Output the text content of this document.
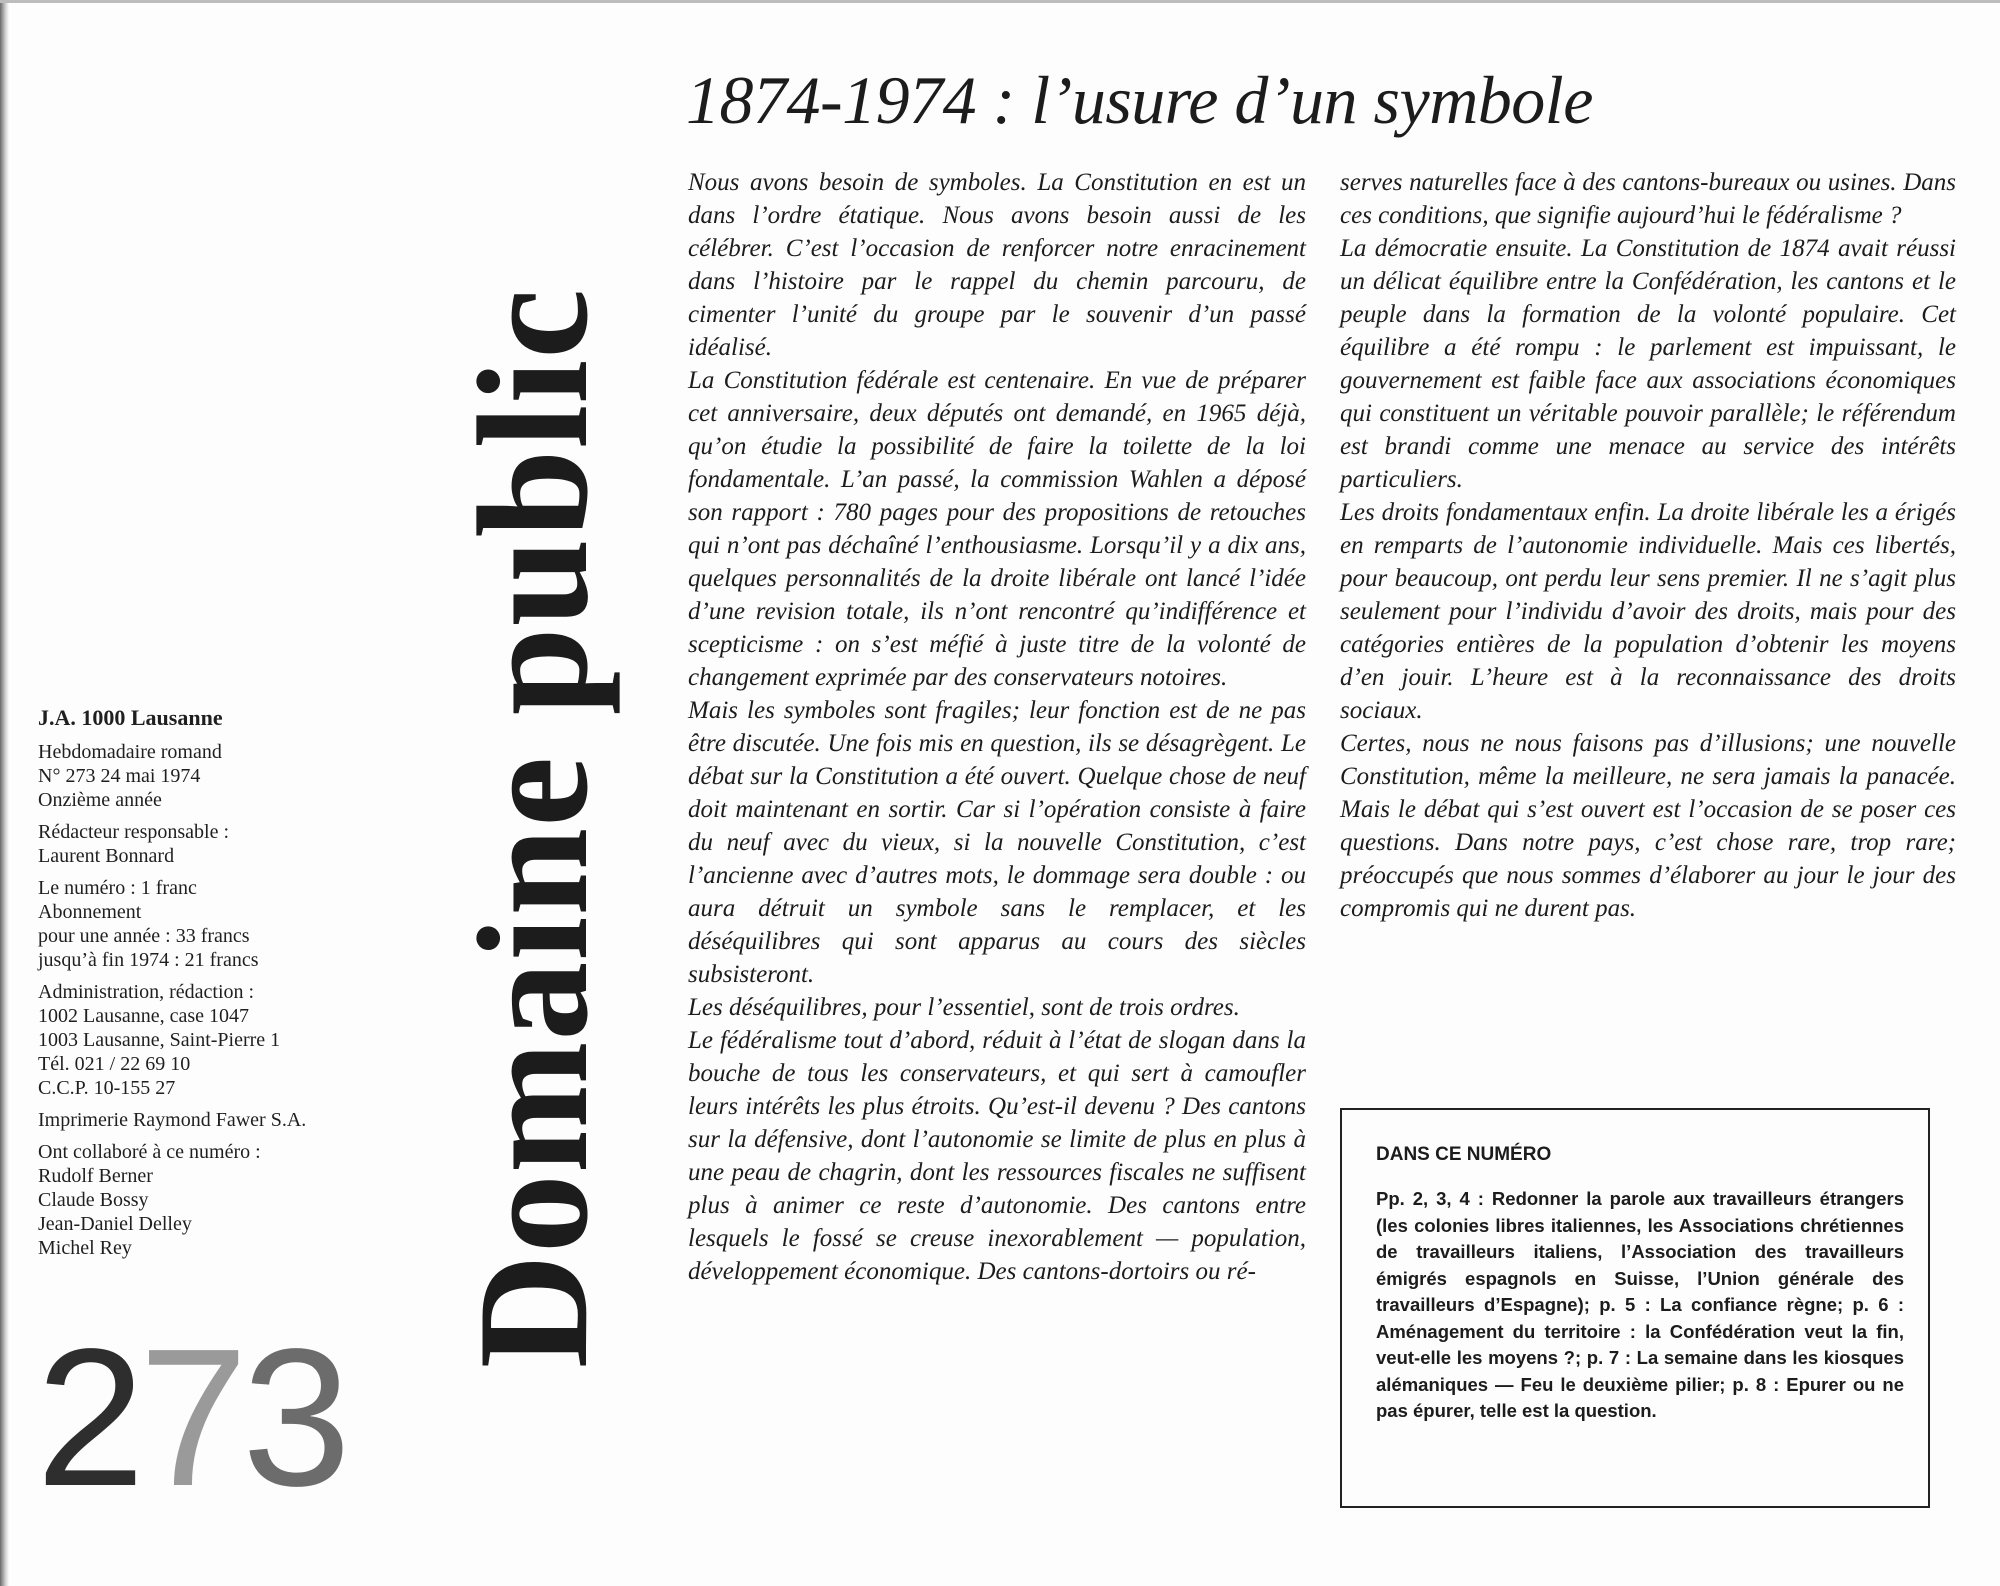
1874-1974 : l’usure d’un symbole
Domaine public
J.A. 1000 Lausanne
Hebdomadaire romand
N° 273 24 mai 1974
Onzième année
Rédacteur responsable :
Laurent Bonnard
Le numéro : 1 franc
Abonnement
pour une année : 33 francs
jusqu’à fin 1974 : 21 francs
Administration, rédaction :
1002 Lausanne, case 1047
1003 Lausanne, Saint-Pierre 1
Tél. 021 / 22 69 10
C.C.P. 10-155 27
Imprimerie Raymond Fawer S.A.
Ont collaboré à ce numéro :
Rudolf Berner
Claude Bossy
Jean-Daniel Delley
Michel Rey
273

Nous avons besoin de symboles. La Constitution en est un dans l’ordre étatique. Nous avons besoin aussi de les célébrer. C’est l’occasion de renforcer notre enracinement dans l’histoire par le rappel du chemin parcouru, de cimenter l’unité du groupe par le souvenir d’un passé idéalisé.

La Constitution fédérale est centenaire. En vue de préparer cet anniversaire, deux députés ont demandé, en 1965 déjà, qu’on étudie la possibilité de faire la toilette de la loi fondamentale. L’an passé, la commission Wahlen a déposé son rapport : 780 pages pour des propositions de retouches qui n’ont pas déchaîné l’enthousiasme. Lorsqu’il y a dix ans, quelques personnalités de la droite libérale ont lancé l’idée d’une revision totale, ils n’ont rencontré qu’indifférence et scepticisme : on s’est méfié à juste titre de la volonté de changement exprimée par des conservateurs notoires.

Mais les symboles sont fragiles; leur fonction est de ne pas être discutée. Une fois mis en question, ils se désagrègent. Le débat sur la Constitution a été ouvert. Quelque chose de neuf doit maintenant en sortir. Car si l’opération consiste à faire du neuf avec du vieux, si la nouvelle Constitution, c’est l’ancienne avec d’autres mots, le dommage sera double : ou aura détruit un symbole sans le remplacer, et les déséquilibres qui sont apparus au cours des siècles subsisteront.

Les déséquilibres, pour l’essentiel, sont de trois ordres.

Le fédéralisme tout d’abord, réduit à l’état de slogan dans la bouche de tous les conservateurs, et qui sert à camoufler leurs intérêts les plus étroits. Qu’est-il devenu ? Des cantons sur la défensive, dont l’autonomie se limite de plus en plus à une peau de chagrin, dont les ressources fiscales ne suffisent plus à animer ce reste d’autonomie. Des cantons entre lesquels le fossé se creuse inexorablement — population, développement économique. Des cantons-dortoirs ou ré-

serves naturelles face à des cantons-bureaux ou usines. Dans ces conditions, que signifie aujourd’hui le fédéralisme ?

La démocratie ensuite. La Constitution de 1874 avait réussi un délicat équilibre entre la Confédération, les cantons et le peuple dans la formation de la volonté populaire. Cet équilibre a été rompu : le parlement est impuissant, le gouvernement est faible face aux associations économiques qui constituent un véritable pouvoir parallèle; le référendum est brandi comme une menace au service des intérêts particuliers.

Les droits fondamentaux enfin. La droite libérale les a érigés en remparts de l’autonomie individuelle. Mais ces libertés, pour beaucoup, ont perdu leur sens premier. Il ne s’agit plus seulement pour l’individu d’avoir des droits, mais pour des catégories entières de la population d’obtenir les moyens d’en jouir. L’heure est à la reconnaissance des droits sociaux.

Certes, nous ne nous faisons pas d’illusions; une nouvelle Constitution, même la meilleure, ne sera jamais la panacée. Mais le débat qui s’est ouvert est l’occasion de se poser ces questions. Dans notre pays, c’est chose rare, trop rare; préoccupés que nous sommes d’élaborer au jour le jour des compromis qui ne durent pas.

DANS CE NUMÉRO
Pp. 2, 3, 4 : Redonner la parole aux travailleurs étrangers (les colonies libres italiennes, les Associations chrétiennes de travailleurs italiens, l’Association des travailleurs émigrés espagnols en Suisse, l’Union générale des travailleurs d’Espagne); p. 5 : La confiance règne; p. 6 : Aménagement du territoire : la Confédération veut la fin, veut-elle les moyens ?; p. 7 : La semaine dans les kiosques alémaniques — Feu le deuxième pilier; p. 8 : Epurer ou ne pas épurer, telle est la question.
